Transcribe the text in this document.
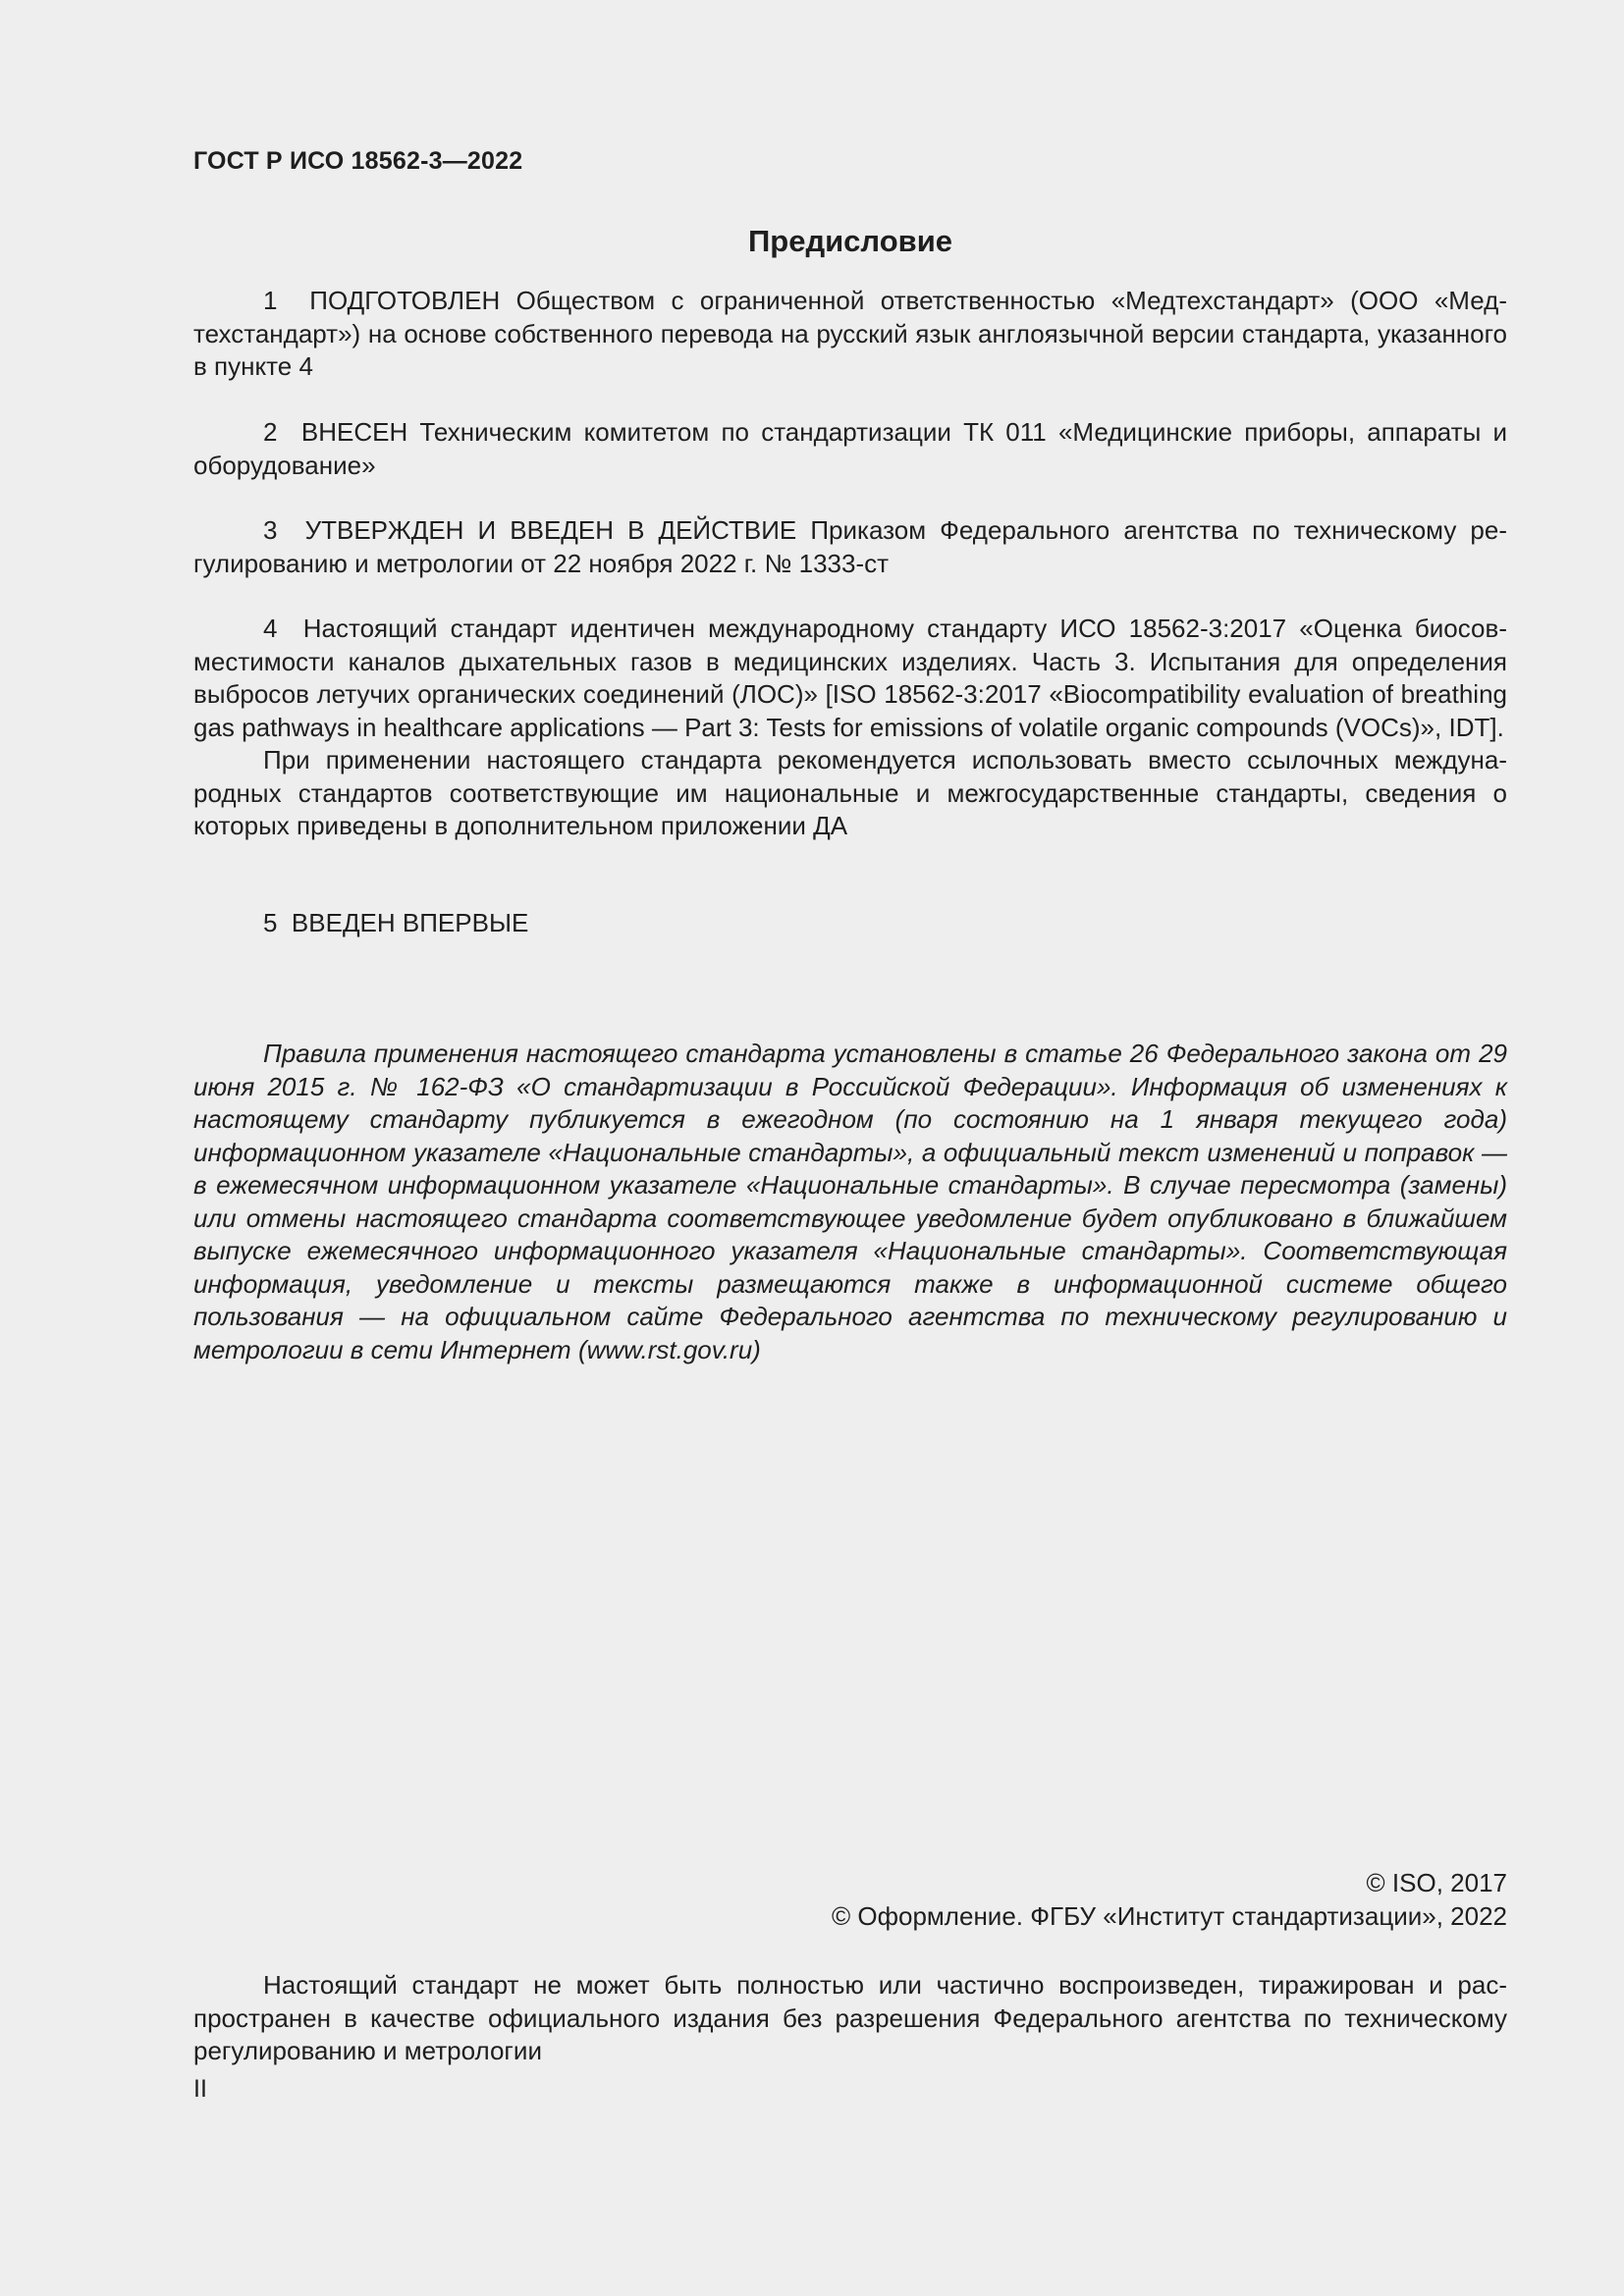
ГОСТ Р ИСО 18562-3—2022
Предисловие

1 ПОДГОТОВЛЕН Обществом с ограниченной ответственностью «Медтехстандарт» (ООО «Медтехстандарт») на основе собственного перевода на русский язык англоязычной версии стандарта, указанного в пункте 4

2 ВНЕСЕН Техническим комитетом по стандартизации ТК 011 «Медицинские приборы, аппараты и оборудование»

3 УТВЕРЖДЕН И ВВЕДЕН В ДЕЙСТВИЕ Приказом Федерального агентства по техническому регулированию и метрологии от 22 ноября 2022 г. № 1333-ст

4 Настоящий стандарт идентичен международному стандарту ИСО 18562-3:2017 «Оценка биосовместимости каналов дыхательных газов в медицинских изделиях. Часть 3. Испытания для определения выбросов летучих органических соединений (ЛОС)» [ISO 18562-3:2017 «Biocompatibility evaluation of breathing gas pathways in healthcare applications — Part 3: Tests for emissions of volatile organic compounds (VOCs)», IDT].

При применении настоящего стандарта рекомендуется использовать вместо ссылочных международных стандартов соответствующие им национальные и межгосударственные стандарты, сведения о которых приведены в дополнительном приложении ДА

5 ВВЕДЕН ВПЕРВЫЕ

Правила применения настоящего стандарта установлены в статье 26 Федерального закона от 29 июня 2015 г. № 162-ФЗ «О стандартизации в Российской Федерации». Информация об изменениях к настоящему стандарту публикуется в ежегодном (по состоянию на 1 января текущего года) информационном указателе «Национальные стандарты», а официальный текст изменений и поправок — в ежемесячном информационном указателе «Национальные стандарты». В случае пересмотра (замены) или отмены настоящего стандарта соответствующее уведомление будет опубликовано в ближайшем выпуске ежемесячного информационного указателя «Национальные стандарты». Соответствующая информация, уведомление и тексты размещаются также в информационной системе общего пользования — на официальном сайте Федерального агентства по техническому регулированию и метрологии в сети Интернет (www.rst.gov.ru)

© ISO, 2017
© Оформление. ФГБУ «Институт стандартизации», 2022

Настоящий стандарт не может быть полностью или частично воспроизведен, тиражирован и распространен в качестве официального издания без разрешения Федерального агентства по техническому регулированию и метрологии

II
